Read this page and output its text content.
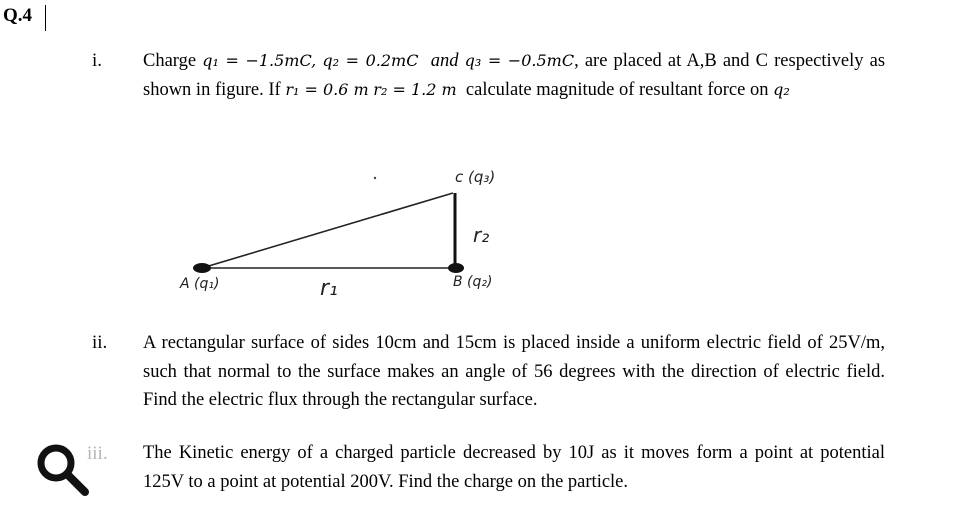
Q.4
i. Charge q₁ = −1.5mC, q₂ = 0.2mC and q₃ = −0.5mC, are placed at A,B and C respectively as shown in figure. If r₁ = 0.6 m r₂ = 1.2 m calculate magnitude of resultant force on q₂
c (q₃)
r₂
A (q₁)	r₁	B (q₂)
ii. A rectangular surface of sides 10cm and 15cm is placed inside a uniform electric field of 25V/m, such that normal to the surface makes an angle of 56 degrees with the direction of electric field. Find the electric flux through the rectangular surface.
iii. The Kinetic energy of a charged particle decreased by 10J as it moves form a point at potential 125V to a point at potential 200V. Find the charge on the particle.
